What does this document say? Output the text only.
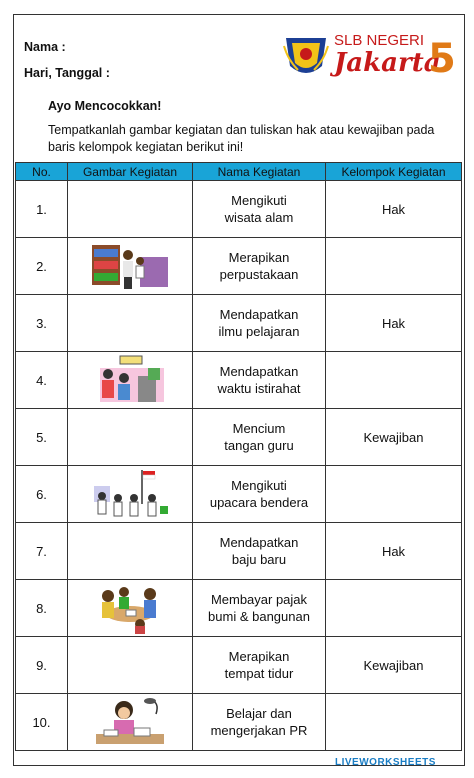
Nama :
Hari, Tanggal :
SLB NEGERI
Jakarta
5
Ayo Mencocokkan!
Tempatkanlah gambar kegiatan dan tuliskan hak atau kewajiban pada baris kelompok kegiatan berikut ini!
No.	Gambar Kegiatan	Nama Kegiatan	Kelompok Kegiatan
1.		Mengikuti
wisata alam	Hak
2.		Merapikan
perpustakaan	
3.		Mendapatkan
ilmu pelajaran	Hak
4.		Mendapatkan
waktu istirahat	
5.		Mencium
tangan guru	Kewajiban
6.		Mengikuti
upacara bendera	
7.		Mendapatkan
baju baru	Hak
8.		Membayar pajak
bumi & bangunan	
9.		Merapikan
tempat tidur	Kewajiban
10.		Belajar dan
mengerjakan PR	
LIVEWORKSHEETS
